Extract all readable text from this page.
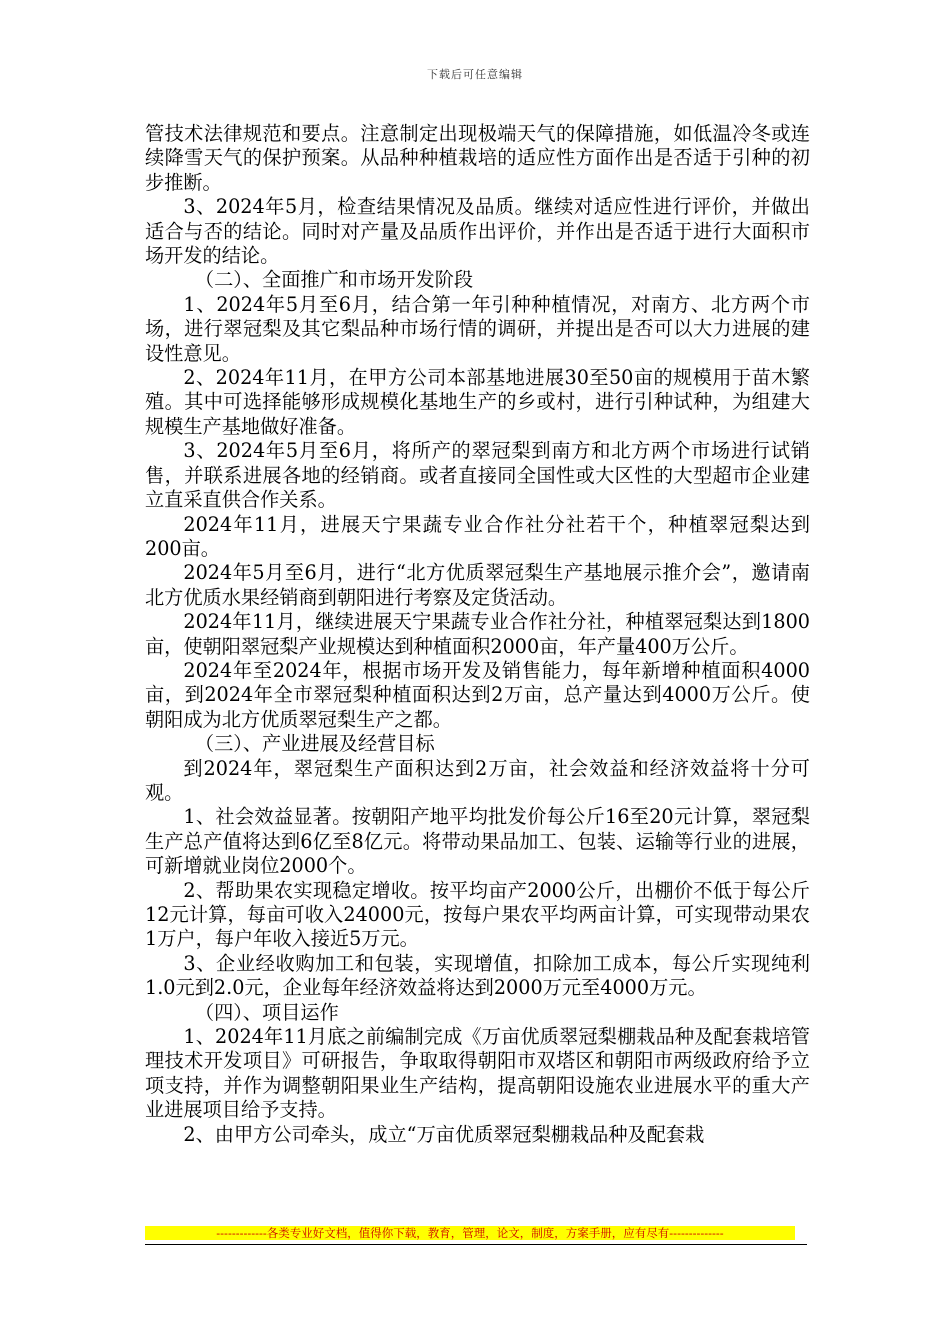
下载后可任意编辑

管技术法律规范和要点。注意制定出现极端天气的保障措施，如低温冷冬或连续降雪天气的保护预案。从品种种植栽培的适应性方面作出是否适于引种的初步推断。

3、2024年5月，检查结果情况及品质。继续对适应性进行评价，并做出适合与否的结论。同时对产量及品质作出评价，并作出是否适于进行大面积市场开发的结论。

（二）、全面推广和市场开发阶段

1、2024年5月至6月，结合第一年引种种植情况，对南方、北方两个市场，进行翠冠梨及其它梨品种市场行情的调研，并提出是否可以大力进展的建设性意见。

2、2024年11月，在甲方公司本部基地进展30至50亩的规模用于苗木繁殖。其中可选择能够形成规模化基地生产的乡或村，进行引种试种，为组建大规模生产基地做好准备。

3、2024年5月至6月，将所产的翠冠梨到南方和北方两个市场进行试销售，并联系进展各地的经销商。或者直接同全国性或大区性的大型超市企业建立直采直供合作关系。

2024年11月，进展天宁果蔬专业合作社分社若干个，种植翠冠梨达到200亩。

2024年5月至6月，进行“北方优质翠冠梨生产基地展示推介会”，邀请南北方优质水果经销商到朝阳进行考察及定货活动。

2024年11月，继续进展天宁果蔬专业合作社分社，种植翠冠梨达到1800亩，使朝阳翠冠梨产业规模达到种植面积2000亩，年产量400万公斤。

2024年至2024年，根据市场开发及销售能力，每年新增种植面积4000亩，到2024年全市翠冠梨种植面积达到2万亩，总产量达到4000万公斤。使朝阳成为北方优质翠冠梨生产之都。

（三）、产业进展及经营目标

到2024年，翠冠梨生产面积达到2万亩，社会效益和经济效益将十分可观。

1、社会效益显著。按朝阳产地平均批发价每公斤16至20元计算，翠冠梨生产总产值将达到6亿至8亿元。将带动果品加工、包装、运输等行业的进展，可新增就业岗位2000个。

2、帮助果农实现稳定增收。按平均亩产2000公斤，出棚价不低于每公斤12元计算，每亩可收入24000元，按每户果农平均两亩计算，可实现带动果农1万户，每户年收入接近5万元。

3、企业经收购加工和包装，实现增值，扣除加工成本，每公斤实现纯利1.0元到2.0元，企业每年经济效益将达到2000万元至4000万元。

（四）、项目运作

1、2024年11月底之前编制完成《万亩优质翠冠梨棚栽品种及配套栽培管理技术开发项目》可研报告，争取取得朝阳市双塔区和朝阳市两级政府给予立项支持，并作为调整朝阳果业生产结构，提高朝阳设施农业进展水平的重大产业进展项目给予支持。

2、由甲方公司牵头，成立“万亩优质翠冠梨棚栽品种及配套栽

-------------各类专业好文档，值得你下载，教育，管理，论文，制度，方案手册，应有尽有--------------
